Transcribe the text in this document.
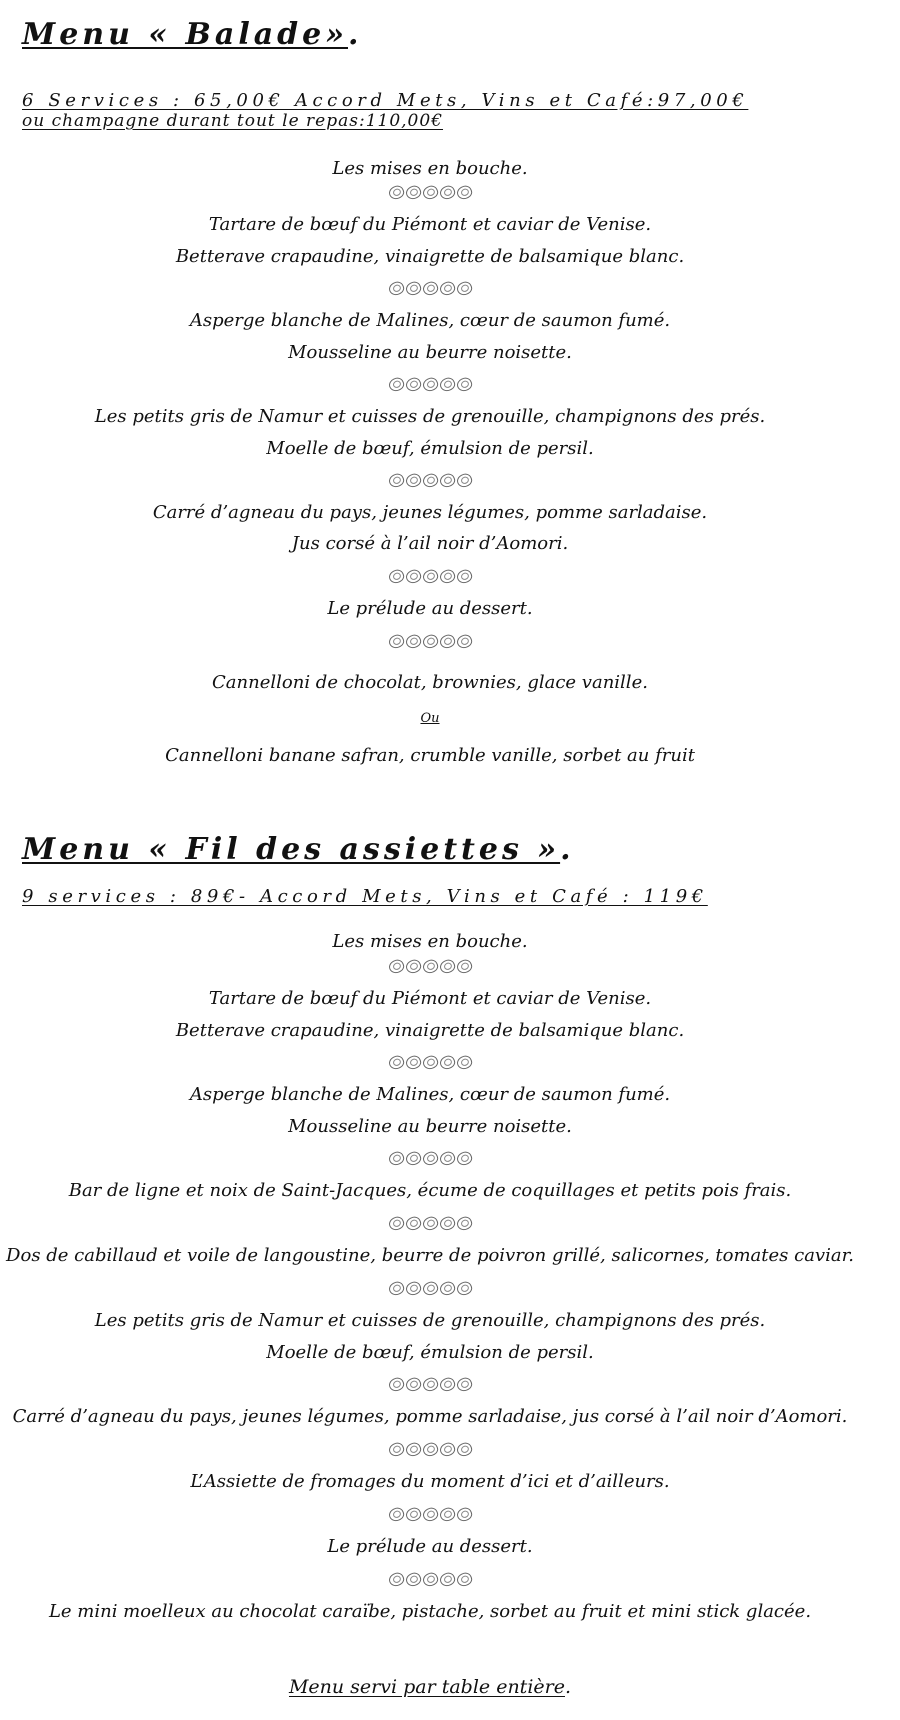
Menu « Balade».
6 Services : 65,00€ Accord Mets, Vins et Café:97,00€
ou champagne durant tout le repas:110,00€
Les mises en bouche.
Tartare de bœuf du Piémont et caviar de Venise.
Betterave crapaudine, vinaigrette de balsamique blanc.
Asperge blanche de Malines, cœur de saumon fumé.
Mousseline au beurre noisette.
Les petits gris de Namur et cuisses de grenouille, champignons des prés.
Moelle de bœuf, émulsion de persil.
Carré d’agneau du pays, jeunes légumes, pomme sarladaise.
Jus corsé à l’ail noir d’Aomori.
Le prélude au dessert.
Cannelloni de chocolat, brownies, glace vanille.
Ou
Cannelloni banane safran, crumble vanille, sorbet au fruit
Menu « Fil des assiettes ».
9 services : 89€- Accord Mets, Vins et Café : 119€
Les mises en bouche.
Tartare de bœuf du Piémont et caviar de Venise.
Betterave crapaudine, vinaigrette de balsamique blanc.
Asperge blanche de Malines, cœur de saumon fumé.
Mousseline au beurre noisette.
Bar de ligne et noix de Saint-Jacques, écume de coquillages et petits pois frais.
Dos de cabillaud et voile de langoustine, beurre de poivron grillé, salicornes, tomates caviar.
Les petits gris de Namur et cuisses de grenouille, champignons des prés.
Moelle de bœuf, émulsion de persil.
Carré d’agneau du pays, jeunes légumes, pomme sarladaise, jus corsé à l’ail noir d’Aomori.
L’Assiette de fromages du moment d’ici et d’ailleurs.
Le prélude au dessert.
Le mini moelleux au chocolat caraïbe, pistache, sorbet au fruit et mini stick glacée.
Menu servi par table entière.
